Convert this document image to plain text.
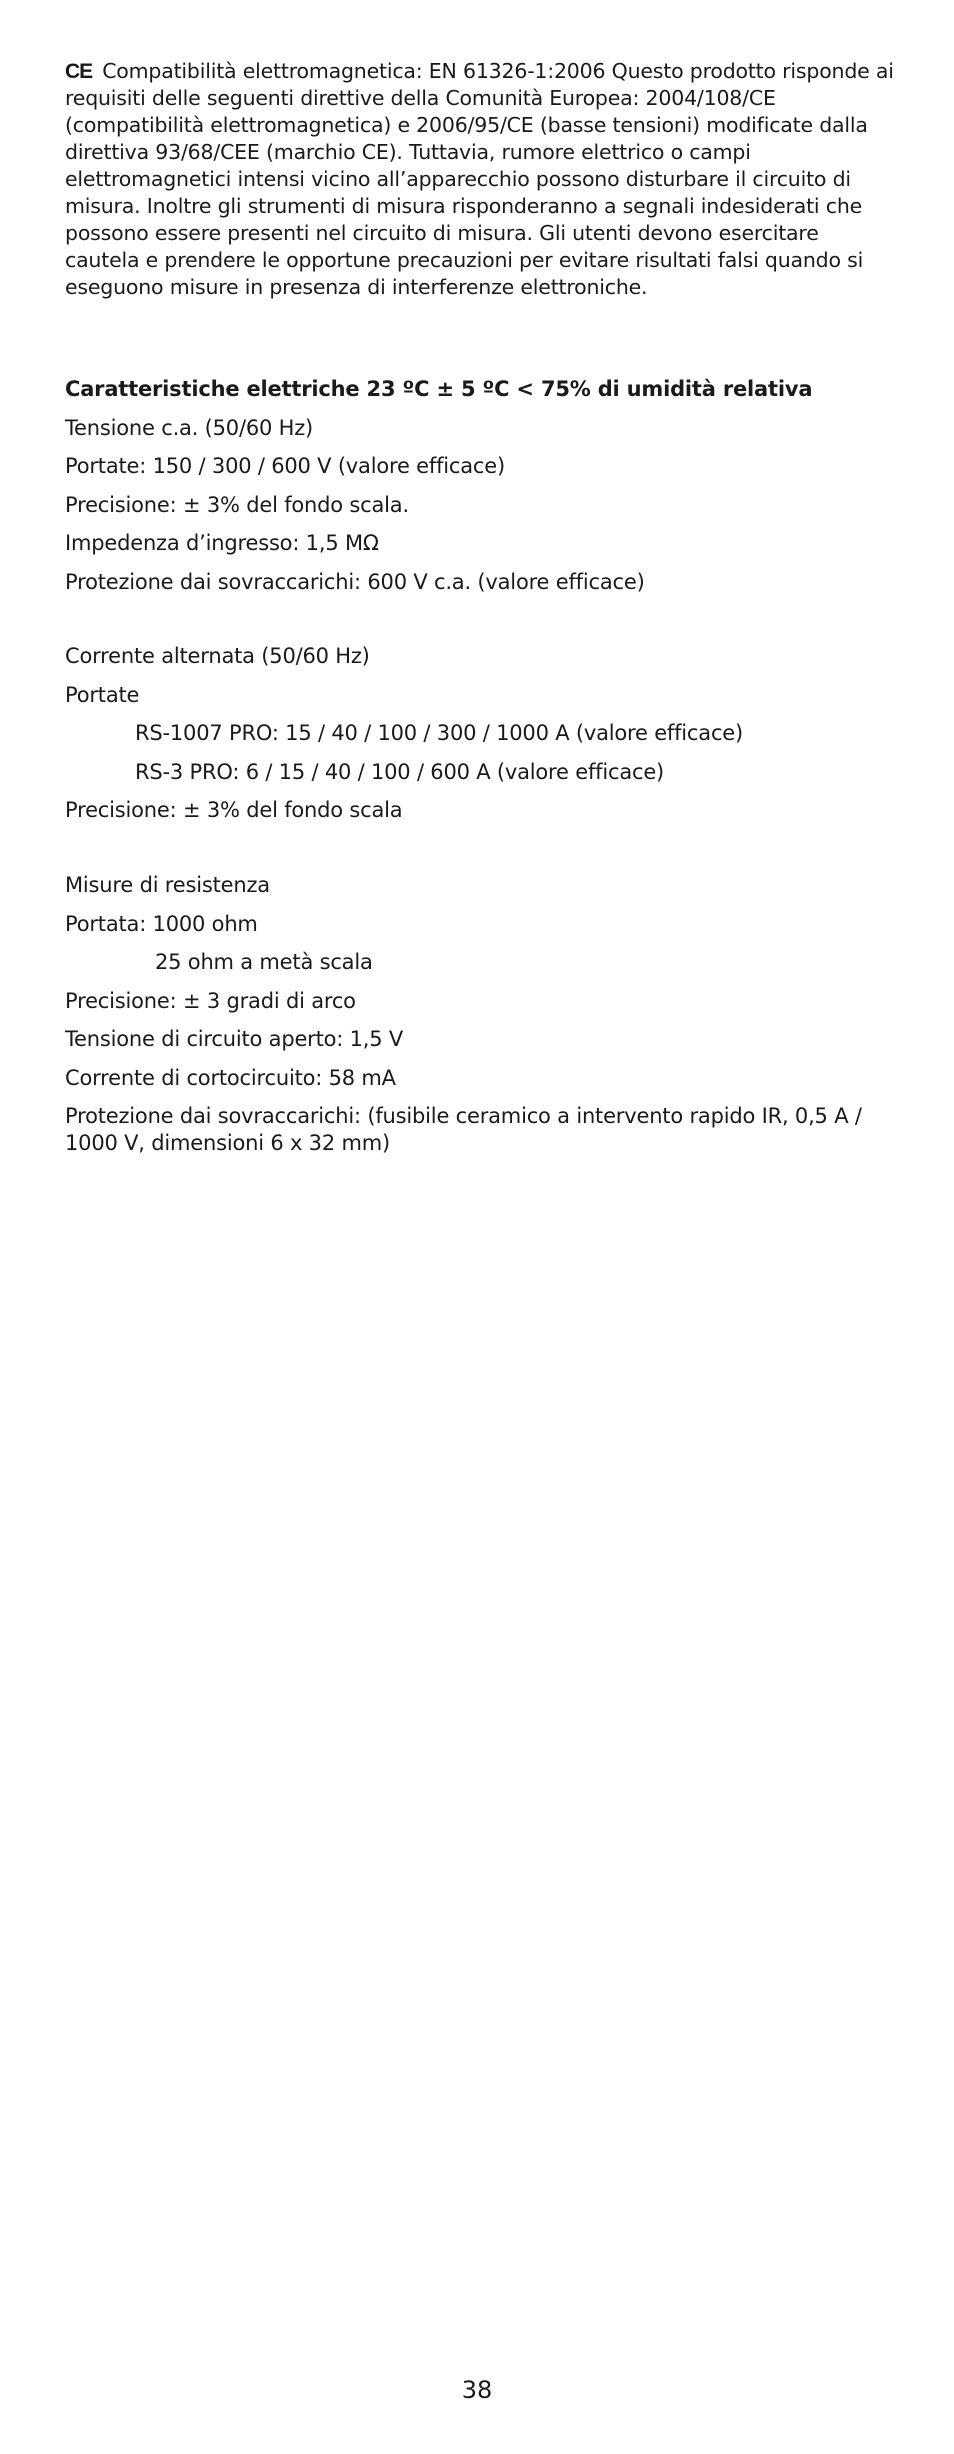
CE Compatibilità elettromagnetica: EN 61326-1:2006 Questo prodotto risponde ai requisiti delle seguenti direttive della Comunità Europea: 2004/108/CE (compatibilità elettromagnetica) e 2006/95/CE (basse tensioni) modificate dalla direttiva 93/68/CEE (marchio CE). Tuttavia, rumore elettrico o campi elettromagnetici intensi vicino all’apparecchio possono disturbare il circuito di misura. Inoltre gli strumenti di misura risponderanno a segnali indesiderati che possono essere presenti nel circuito di misura. Gli utenti devono esercitare cautela e prendere le opportune precauzioni per evitare risultati falsi quando si eseguono misure in presenza di interferenze elettroniche.

Caratteristiche elettriche 23 ºC ± 5 ºC < 75% di umidità relativa
Tensione c.a. (50/60 Hz)
Portate: 150 / 300 / 600 V (valore efficace)
Precisione: ± 3% del fondo scala.
Impedenza d’ingresso: 1,5 MΩ
Protezione dai sovraccarichi: 600 V c.a. (valore efficace)
Corrente alternata (50/60 Hz)
Portate
RS-1007 PRO: 15 / 40 / 100 / 300 / 1000 A (valore efficace)
RS-3 PRO: 6 / 15 / 40 / 100 / 600 A (valore efficace)
Precisione: ± 3% del fondo scala
Misure di resistenza
Portata: 1000 ohm
25 ohm a metà scala
Precisione: ± 3 gradi di arco
Tensione di circuito aperto: 1,5 V
Corrente di cortocircuito: 58 mA
Protezione dai sovraccarichi: (fusibile ceramico a intervento rapido IR, 0,5 A / 1000 V, dimensioni 6 x 32 mm)
38
